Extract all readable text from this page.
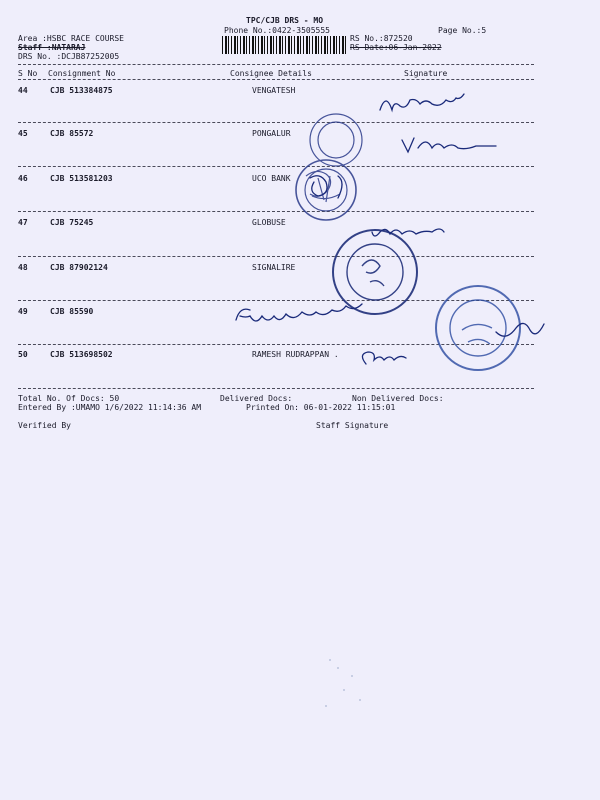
TPC/CJB DRS - MO
Phone No.:0422-3505555	Page No.:5
Area :HSBC RACE COURSE
Staff :NATARAJ
DRS No. :DCJB87252005
RS No.:872520
RS Date:06-Jan-2022
S No Consignment No	Consignee Details	Signature
44	CJB 513384875	VENGATESH
45	CJB 85572	PONGALUR
46	CJB 513581203	UCO BANK
47	CJB 75245	GLOBUSE
48	CJB 87902124	SIGNALIRE
49	CJB 85590
50	CJB 513698502	RAMESH RUDRAPPAN .
Total No. Of Docs: 50	Delivered Docs:	Non Delivered Docs:
Entered By :UMAMO 1/6/2022 11:14:36 AM	Printed On: 06-01-2022 11:15:01
Verified By	Staff Signature
